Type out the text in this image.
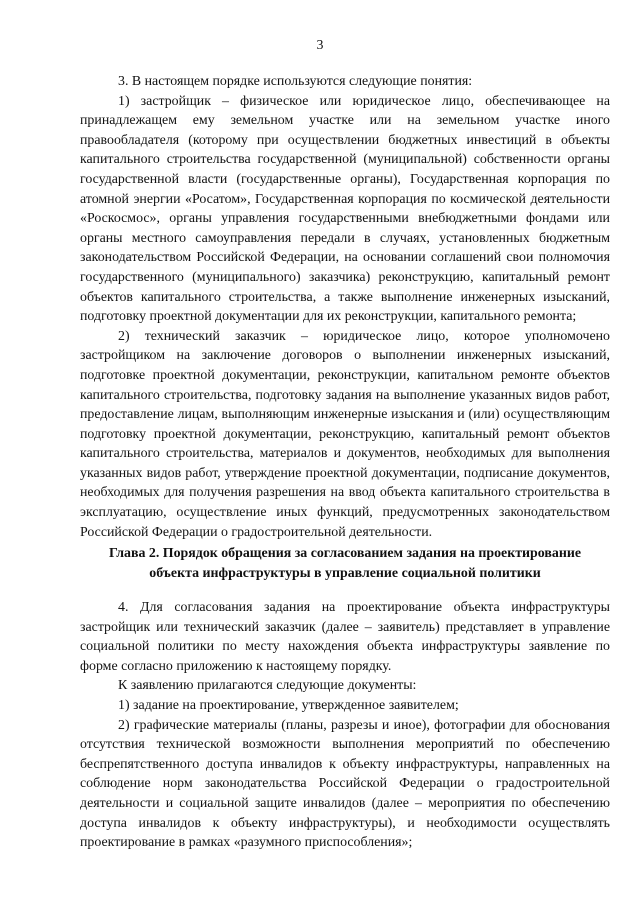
3

3. В настоящем порядке используются следующие понятия:

1) застройщик – физическое или юридическое лицо, обеспечивающее на принадлежащем ему земельном участке или на земельном участке иного правообладателя (которому при осуществлении бюджетных инвестиций в объекты капитального строительства государственной (муниципальной) собственности органы государственной власти (государственные органы), Государственная корпорация по атомной энергии «Росатом», Государственная корпорация по космической деятельности «Роскосмос», органы управления государственными внебюджетными фондами или органы местного самоуправления передали в случаях, установленных бюджетным законодательством Российской Федерации, на основании соглашений свои полномочия государственного (муниципального) заказчика) реконструкцию, капитальный ремонт объектов капитального строительства, а также выполнение инженерных изысканий, подготовку проектной документации для их реконструкции, капитального ремонта;

2) технический заказчик – юридическое лицо, которое уполномочено застройщиком на заключение договоров о выполнении инженерных изысканий, подготовке проектной документации, реконструкции, капитальном ремонте объектов капитального строительства, подготовку задания на выполнение указанных видов работ, предоставление лицам, выполняющим инженерные изыскания и (или) осуществляющим подготовку проектной документации, реконструкцию, капитальный ремонт объектов капитального строительства, материалов и документов, необходимых для выполнения указанных видов работ, утверждение проектной документации, подписание документов, необходимых для получения разрешения на ввод объекта капитального строительства в эксплуатацию, осуществление иных функций, предусмотренных законодательством Российской Федерации о градостроительной деятельности.

Глава 2. Порядок обращения за согласованием задания на проектирование
объекта инфраструктуры в управление социальной политики

4. Для согласования задания на проектирование объекта инфраструктуры застройщик или технический заказчик (далее – заявитель) представляет в управление социальной политики по месту нахождения объекта инфраструктуры заявление по форме согласно приложению к настоящему порядку.

К заявлению прилагаются следующие документы:

1) задание на проектирование, утвержденное заявителем;

2) графические материалы (планы, разрезы и иное), фотографии для обоснования отсутствия технической возможности выполнения мероприятий по обеспечению беспрепятственного доступа инвалидов к объекту инфраструктуры, направленных на соблюдение норм законодательства Российской Федерации о градостроительной деятельности и социальной защите инвалидов (далее – мероприятия по обеспечению доступа инвалидов к объекту инфраструктуры), и необходимости осуществлять проектирование в рамках «разумного приспособления»;
